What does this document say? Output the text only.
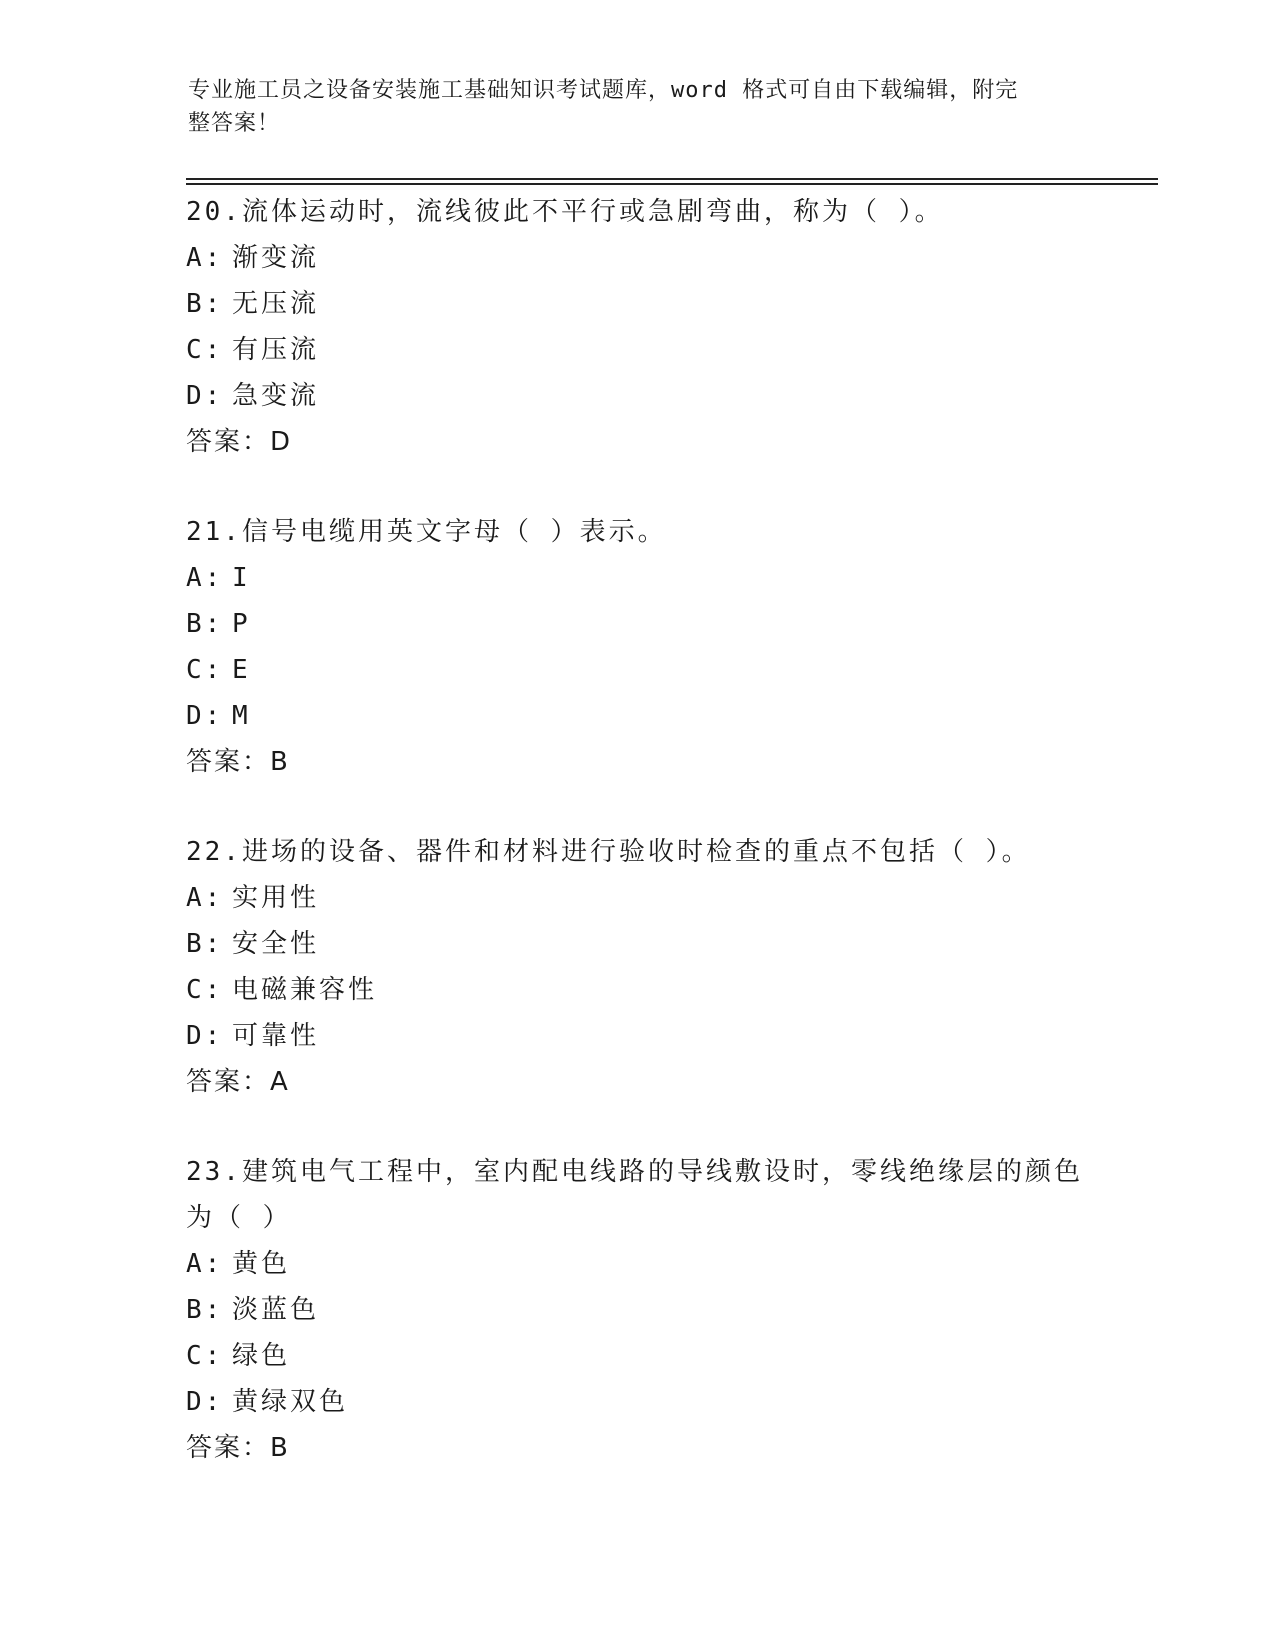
专业施工员之设备安装施工基础知识考试题库，word 格式可自由下载编辑，附完
整答案！
20.流体运动时，流线彼此不平行或急剧弯曲，称为（ ）。
A: 渐变流
B: 无压流
C: 有压流
D: 急变流
答案：D
21.信号电缆用英文字母（ ）表示。
A: I
B: P
C: E
D: M
答案：B
22.进场的设备、器件和材料进行验收时检查的重点不包括（ ）。
A: 实用性
B: 安全性
C: 电磁兼容性
D: 可靠性
答案：A
23.建筑电气工程中，室内配电线路的导线敷设时，零线绝缘层的颜色
为（ ）
A: 黄色
B: 淡蓝色
C: 绿色
D: 黄绿双色
答案：B
